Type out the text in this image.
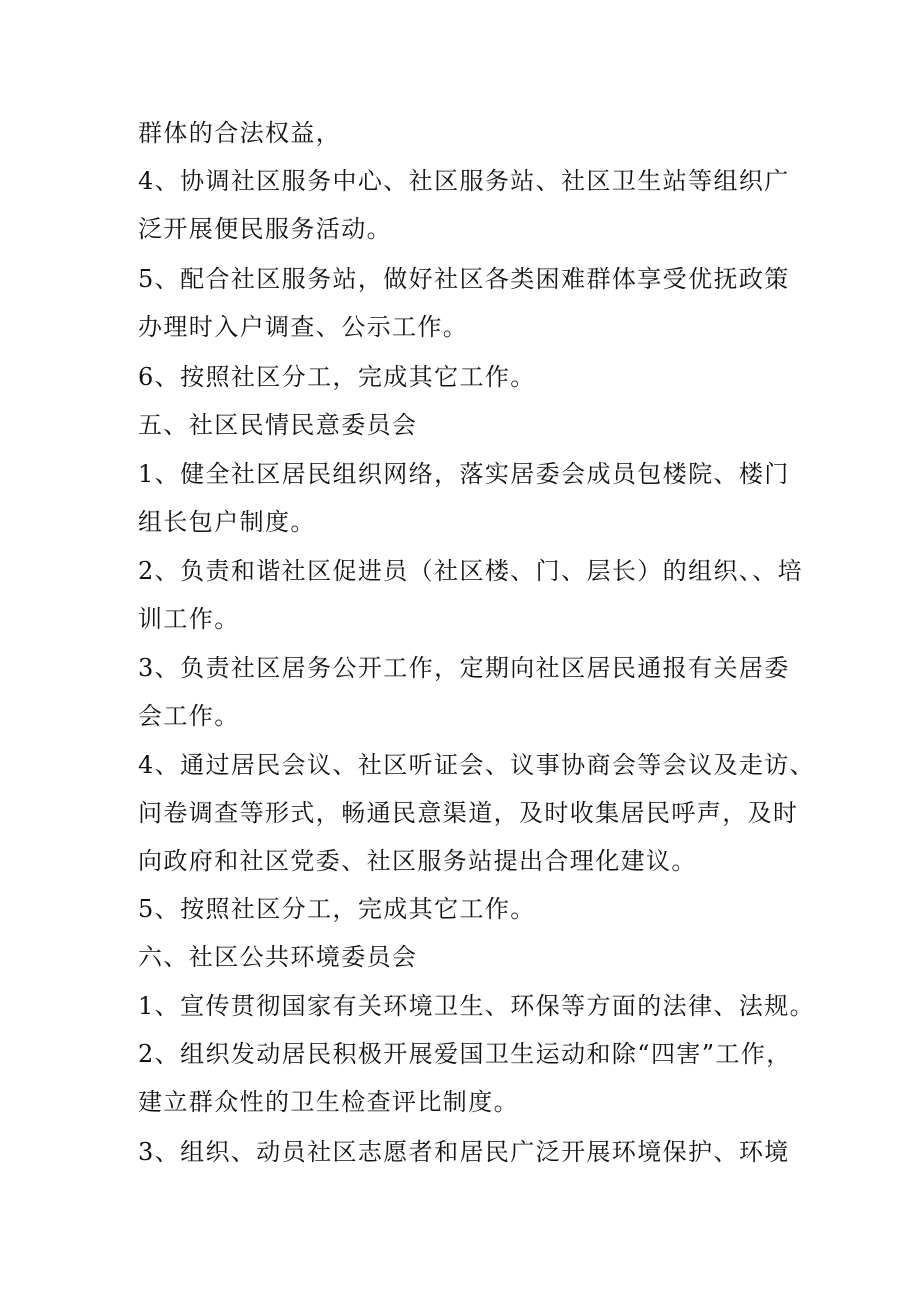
群体的合法权益，
4、协调社区服务中心、社区服务站、社区卫生站等组织广
泛开展便民服务活动。
5、配合社区服务站，做好社区各类困难群体享受优抚政策
办理时入户调查、公示工作。
6、按照社区分工，完成其它工作。
五、社区民情民意委员会
1、健全社区居民组织网络，落实居委会成员包楼院、楼门
组长包户制度。
2、负责和谐社区促进员（社区楼、门、层长）的组织、、培
训工作。
3、负责社区居务公开工作，定期向社区居民通报有关居委
会工作。
4、通过居民会议、社区听证会、议事协商会等会议及走访、
问卷调查等形式，畅通民意渠道，及时收集居民呼声，及时
向政府和社区党委、社区服务站提出合理化建议。
5、按照社区分工，完成其它工作。
六、社区公共环境委员会
1、宣传贯彻国家有关环境卫生、环保等方面的法律、法规。
2、组织发动居民积极开展爱国卫生运动和除“四害”工作，
建立群众性的卫生检查评比制度。
3、组织、动员社区志愿者和居民广泛开展环境保护、环境
